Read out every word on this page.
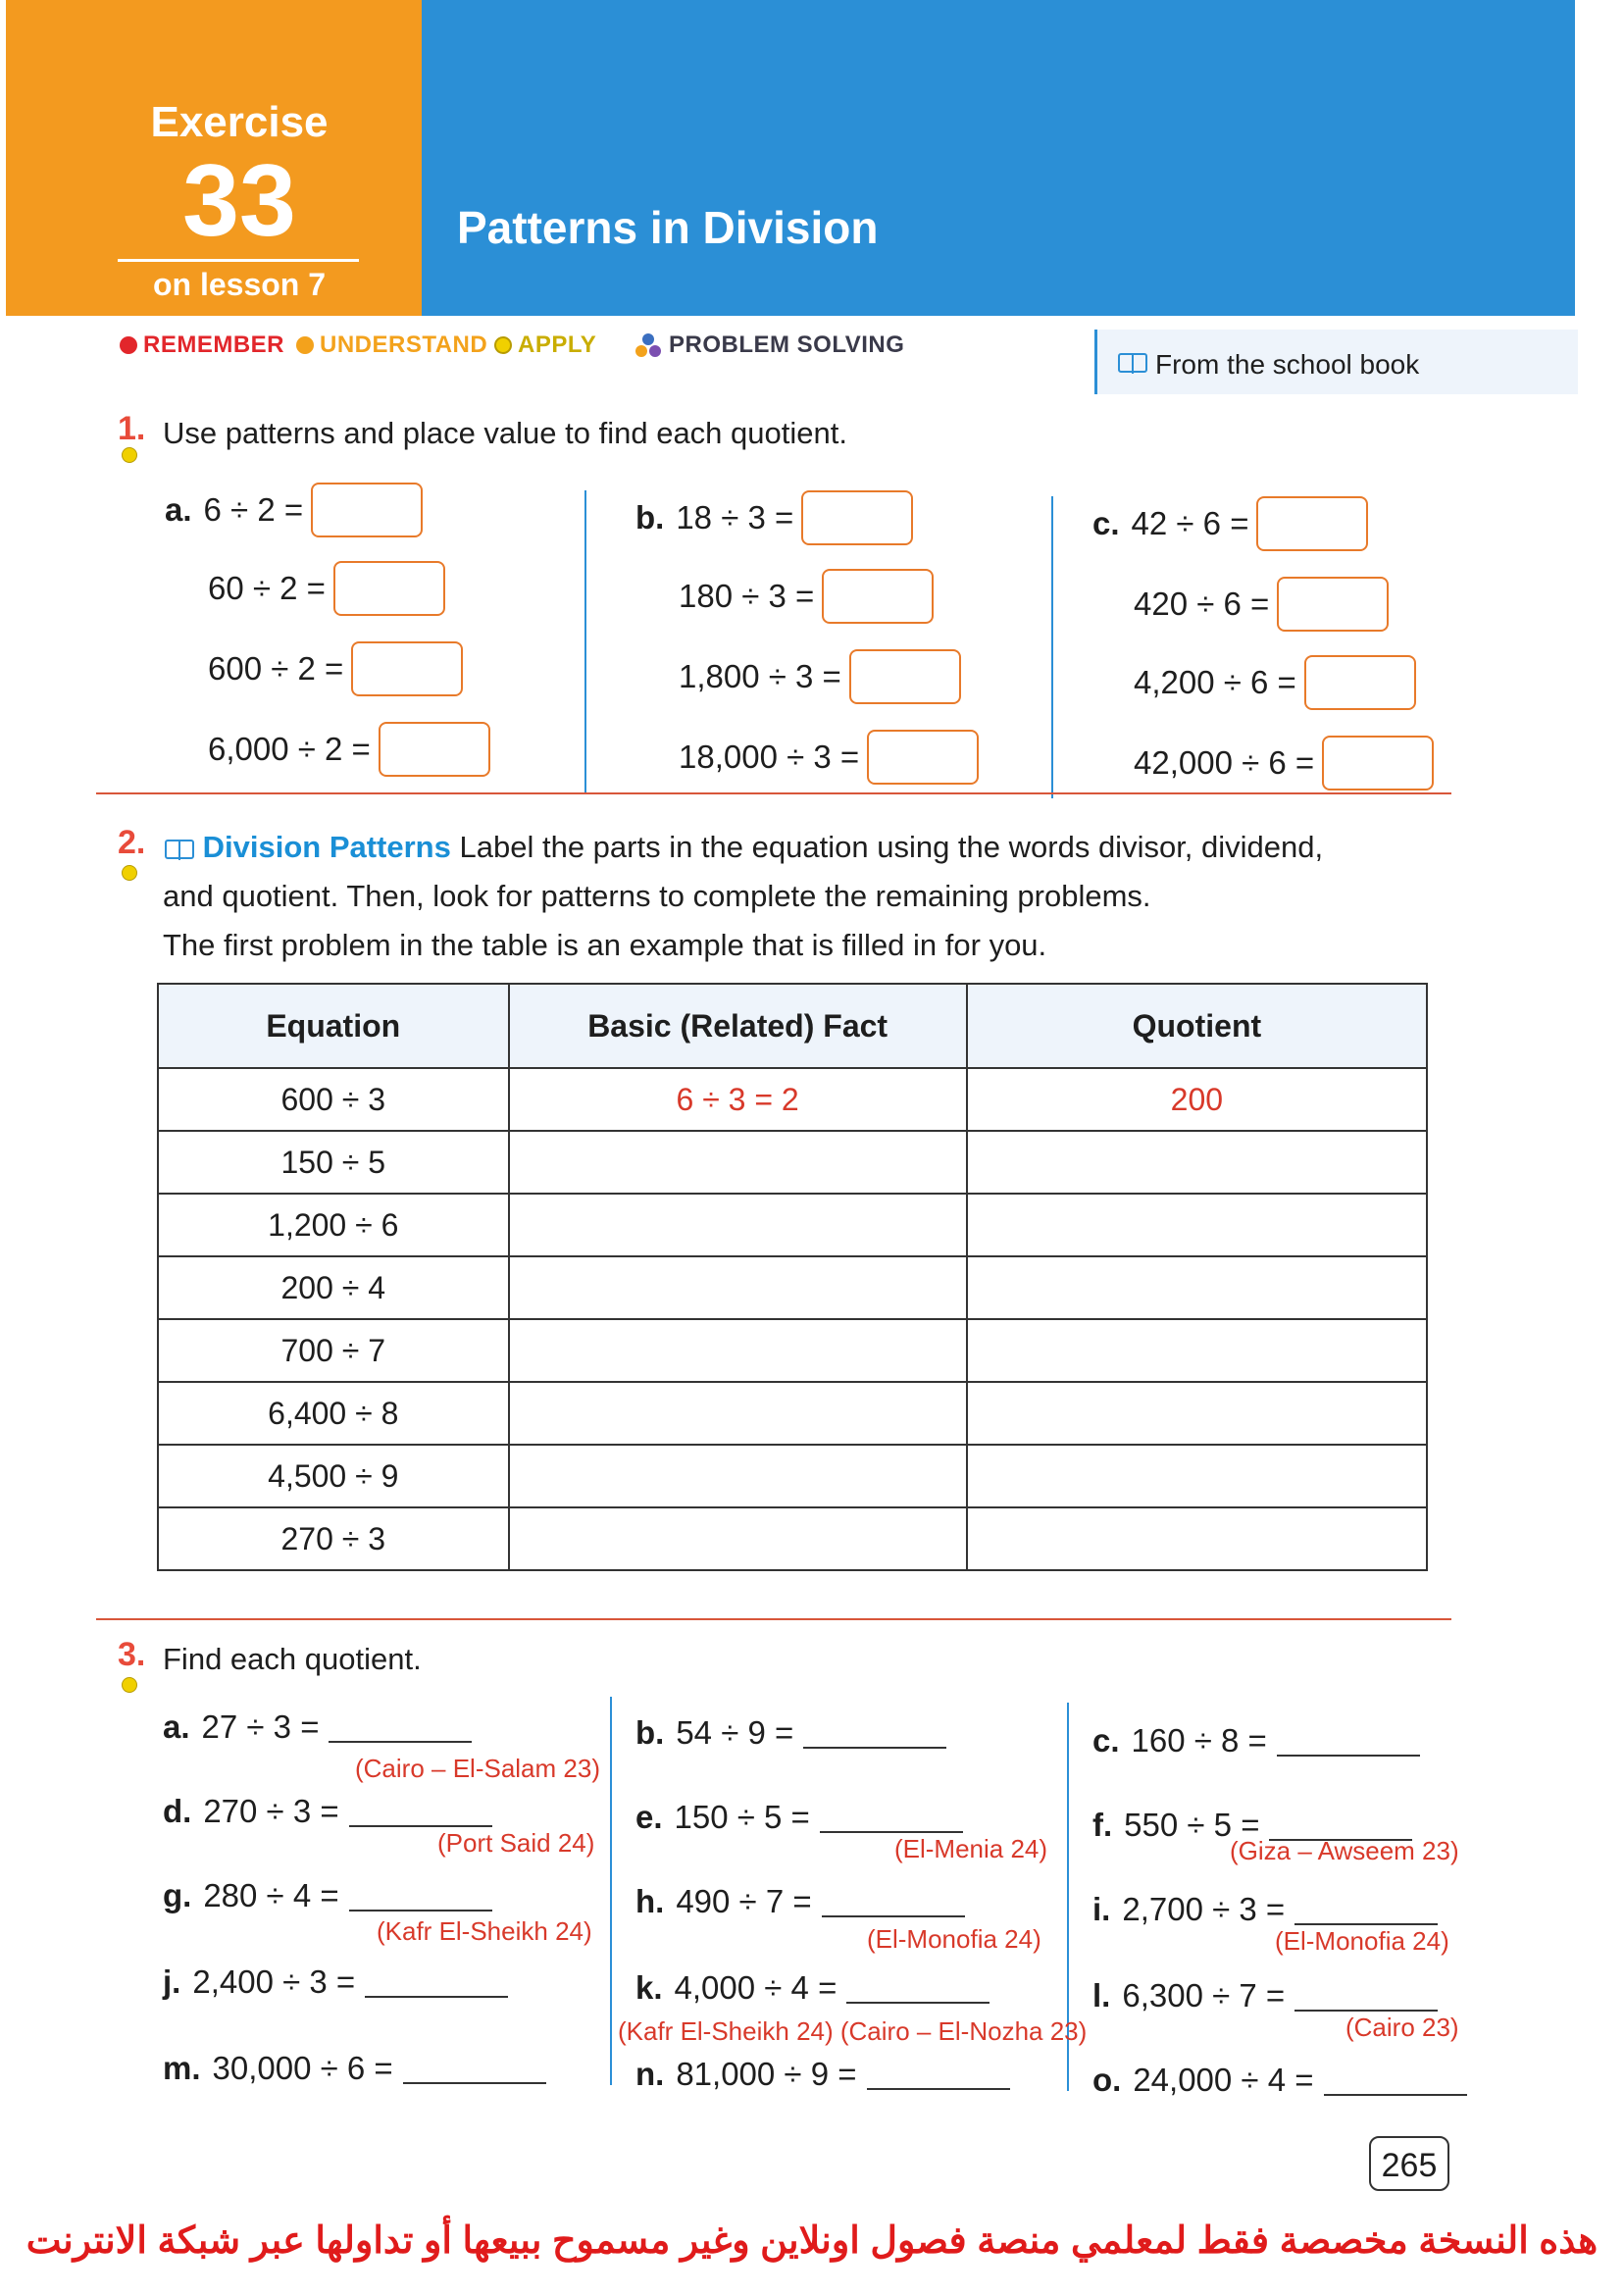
Exercise
33
on lesson 7
Patterns in Division
REMEMBER UNDERSTAND APPLY	PROBLEM SOLVING
From the school book
1. Use patterns and place value to find each quotient.
a. 6 ÷ 2 =
60 ÷ 2 =
600 ÷ 2 =
6,000 ÷ 2 =
b. 18 ÷ 3 =
180 ÷ 3 =
1,800 ÷ 3 =
18,000 ÷ 3 =
c. 42 ÷ 6 =
420 ÷ 6 =
4,200 ÷ 6 =
42,000 ÷ 6 =
2.	Division Patterns Label the parts in the equation using the words divisor, dividend,
and quotient. Then, look for patterns to complete the remaining problems.
The first problem in the table is an example that is filled in for you.
Equation	Basic (Related) Fact	Quotient
600 ÷ 3	6 ÷ 3 = 2	200
150 ÷ 5		
1,200 ÷ 6		
200 ÷ 4		
700 ÷ 7		
6,400 ÷ 8		
4,500 ÷ 9		
270 ÷ 3		
3. Find each quotient.
a. 27 ÷ 3 =
(Cairo – El-Salam 23)
d. 270 ÷ 3 =
(Port Said 24)
g. 280 ÷ 4 =
(Kafr El-Sheikh 24)
j. 2,400 ÷ 3 =
m. 30,000 ÷ 6 =
b. 54 ÷ 9 =
e. 150 ÷ 5 =
(El-Menia 24)
h. 490 ÷ 7 =
(El-Monofia 24)
k. 4,000 ÷ 4 =
(Kafr El-Sheikh 24) (Cairo – El-Nozha 23)
n. 81,000 ÷ 9 =
c. 160 ÷ 8 =
f. 550 ÷ 5 =
(Giza – Awseem 23)
i. 2,700 ÷ 3 =
(El-Monofia 24)
l. 6,300 ÷ 7 =
(Cairo 23)
o. 24,000 ÷ 4 =
265
هذه النسخة مخصصة فقط لمعلمي منصة فصول اونلاين وغير مسموح ببيعها أو تداولها عبر شبكة الانترنت
